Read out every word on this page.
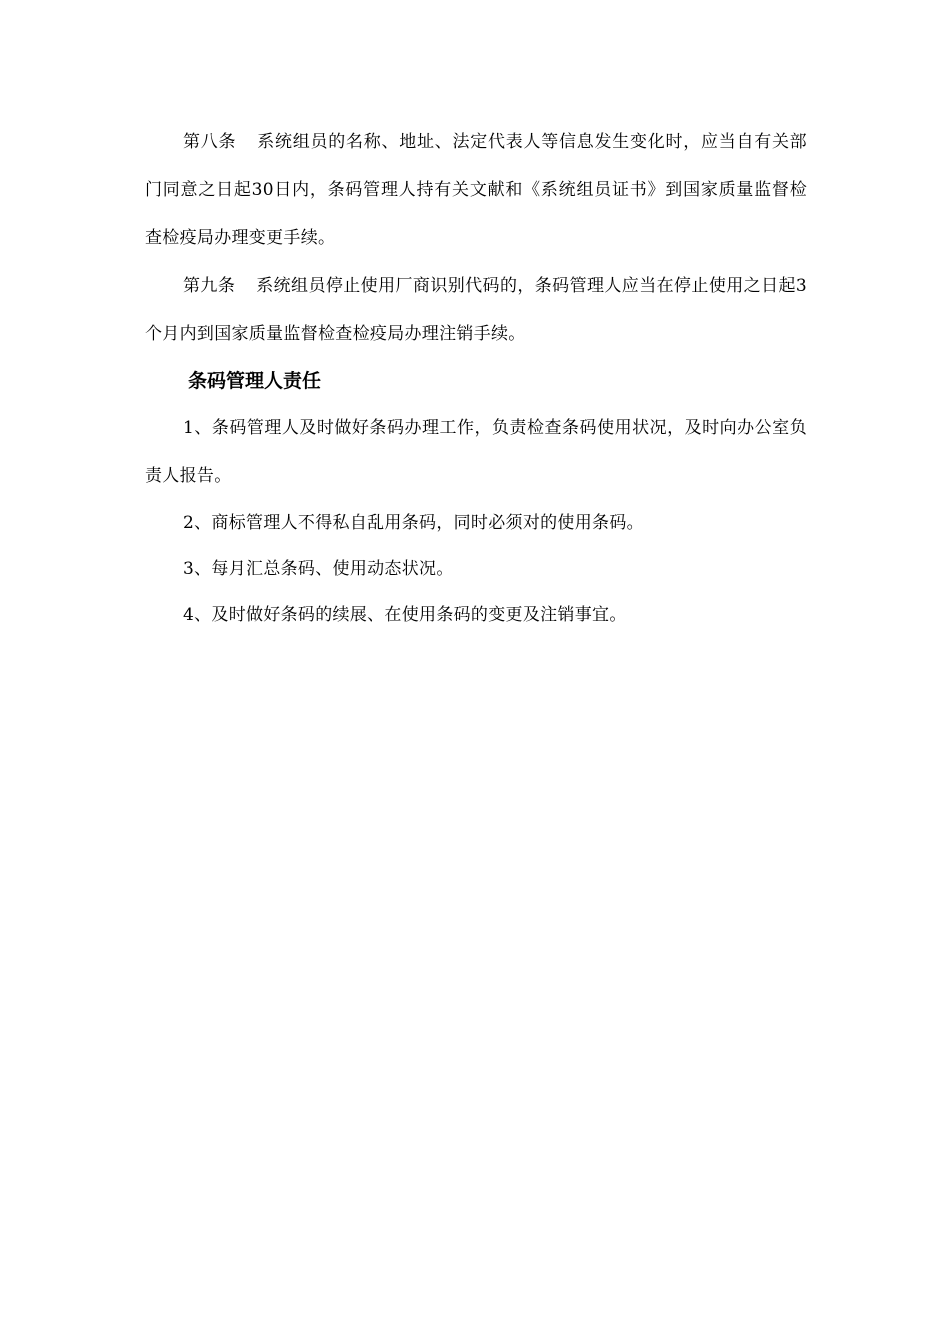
第八条 系统组员的名称、地址、法定代表人等信息发生变化时，应当自有关部门同意之日起30日内，条码管理人持有关文献和《系统组员证书》到国家质量监督检查检疫局办理变更手续。

第九条 系统组员停止使用厂商识别代码的，条码管理人应当在停止使用之日起3个月内到国家质量监督检查检疫局办理注销手续。

条码管理人责任

1、条码管理人及时做好条码办理工作，负责检查条码使用状况，及时向办公室负责人报告。

2、商标管理人不得私自乱用条码，同时必须对的使用条码。

3、每月汇总条码、使用动态状况。

4、及时做好条码的续展、在使用条码的变更及注销事宜。
